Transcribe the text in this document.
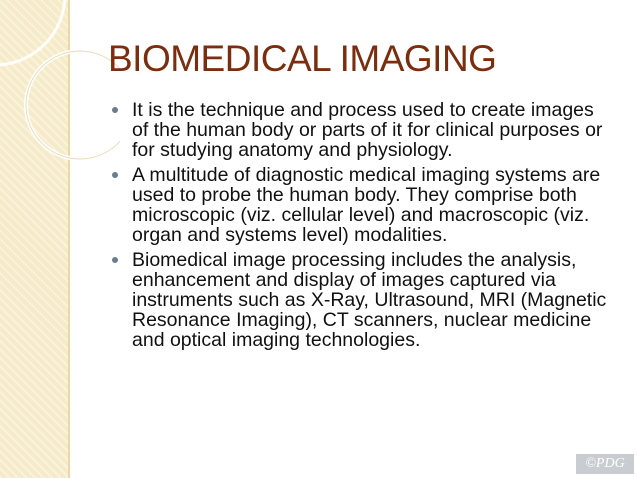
BIOMEDICAL IMAGING
It is the technique and process used to create images of the human body or parts of it for clinical purposes or for studying anatomy and physiology.
A multitude of diagnostic medical imaging systems are used to probe the human body. They comprise both microscopic (viz. cellular level) and macroscopic (viz. organ and systems level) modalities.
Biomedical image processing includes the analysis, enhancement and display of images captured via instruments such as X-Ray, Ultrasound, MRI (Magnetic Resonance Imaging), CT scanners, nuclear medicine and optical imaging technologies.
©PDG
